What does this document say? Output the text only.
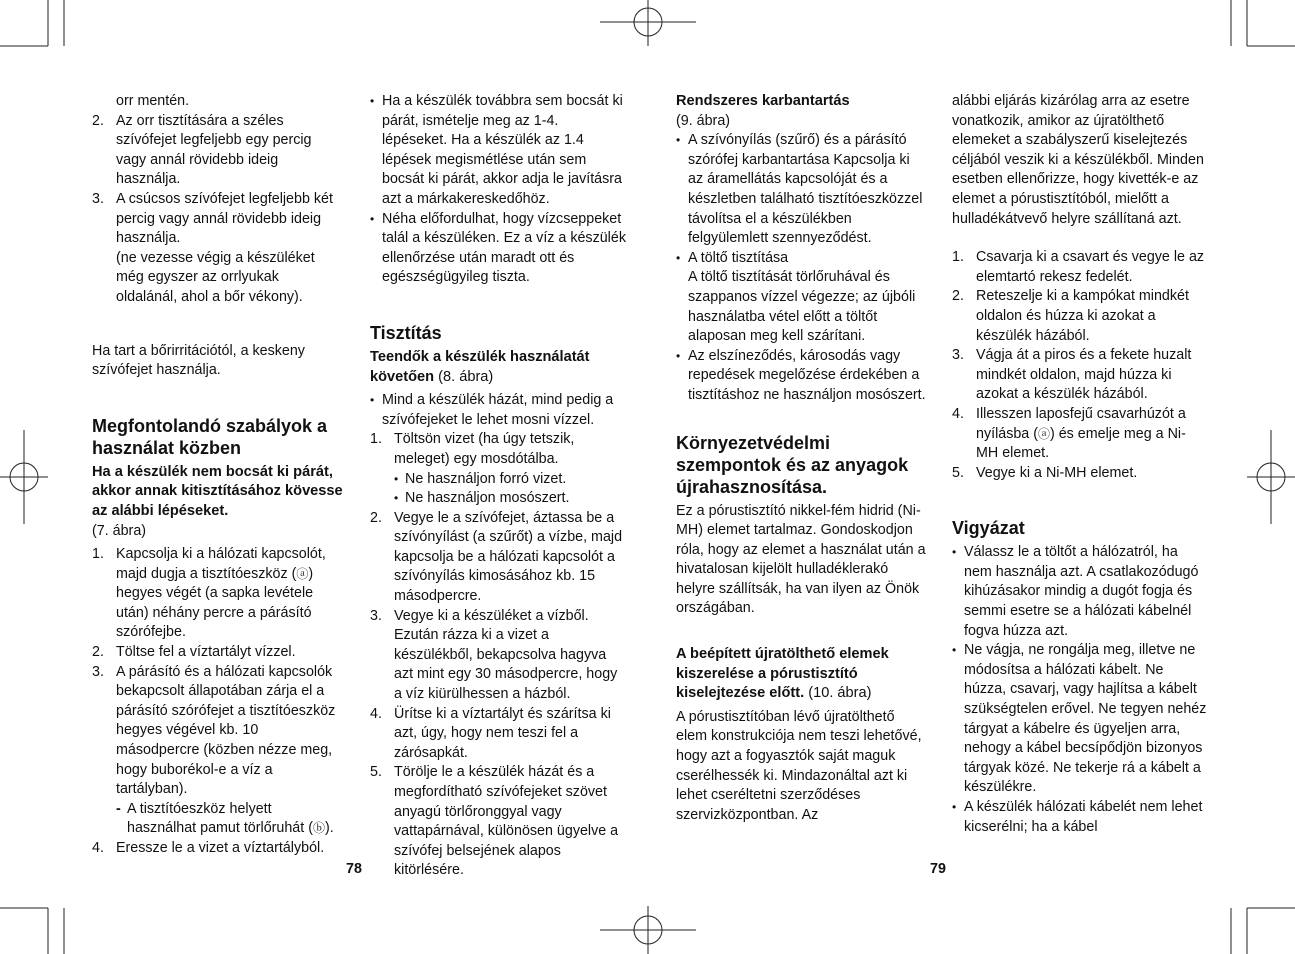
orr mentén.

2. Az orr tisztítására a széles szívófejet legfeljebb egy percig vagy annál rövidebb ideig használja.
3. A csúcsos szívófejet legfeljebb két percig vagy annál rövidebb ideig használja.
(ne vezesse végig a készüléket még egyszer az orrlyukak oldalánál, ahol a bőr vékony).

Ha tart a bőrirritációtól, a keskeny szívófejet használja.

Megfontolandó szabályok a használat közben
Ha a készülék nem bocsát ki párát, akkor annak kitisztításához kövesse az alábbi lépéseket.

(7. ábra)

1. Kapcsolja ki a hálózati kapcsolót, majd dugja a tisztítóeszköz (ⓐ) hegyes végét (a sapka levétele után) néhány percre a párásító szórófejbe.
2. Töltse fel a víztartályt vízzel.
3. A párásító és a hálózati kapcsolók bekapcsolt állapotában zárja el a párásító szórófejet a tisztítóeszköz hegyes végével kb. 10 másodpercre (közben nézze meg, hogy buborékol-e a víz a tartályban).
- A tisztítóeszköz helyett használhat pamut törlőruhát (ⓑ).
4. Eressze le a vizet a víztartályból.
• Ha a készülék továbbra sem bocsát ki párát, ismételje meg az 1-4. lépéseket. Ha a készülék az 1.4 lépések megismétlése után sem bocsát ki párát, akkor adja le javításra azt a márkakereskedőhöz.
• Néha előfordulhat, hogy vízcseppeket talál a készüléken. Ez a víz a készülék ellenőrzése után maradt ott és egészségügyileg tiszta.
Tisztítás
Teendők a készülék használatát követően (8. ábra)
• Mind a készülék házát, mind pedig a szívófejeket le lehet mosni vízzel.
1. Töltsön vizet (ha úgy tetszik, meleget) egy mosdótálba.
• Ne használjon forró vizet.
• Ne használjon mosószert.
2. Vegye le a szívófejet, áztassa be a szívónyílást (a szűrőt) a vízbe, majd kapcsolja be a hálózati kapcsolót a szívónyílás kimosásához kb. 15 másodpercre.
3. Vegye ki a készüléket a vízből. Ezután rázza ki a vizet a készülékből, bekapcsolva hagyva azt mint egy 30 másodpercre, hogy a víz kiürülhessen a házból.
4. Ürítse ki a víztartályt és szárítsa ki azt, úgy, hogy nem teszi fel a zárósapkát.
5. Törölje le a készülék házát és a megfordítható szívófejeket szövet anyagú törlőronggyal vagy vattapárnával, különösen ügyelve a szívófej belsejének alapos kitörlésére.
Rendszeres karbantartás

(9. ábra)

• A szívónyílás (szűrő) és a párásító szórófej karbantartása Kapcsolja ki az áramellátás kapcsolóját és a készletben található tisztítóeszközzel távolítsa el a készülékben felgyülemlett szennyeződést.
• A töltő tisztítása
A töltő tisztítását törlőruhával és szappanos vízzel végezze; az újbóli használatba vétel előtt a töltőt alaposan meg kell szárítani.
• Az elszíneződés, károsodás vagy repedések megelőzése érdekében a tisztításhoz ne használjon mosószert.
Környezetvédelmi szempontok és az anyagok újrahasznosítása.

Ez a pórustisztító nikkel-fém hidrid (Ni-MH) elemet tartalmaz. Gondoskodjon róla, hogy az elemet a használat után a hivatalosan kijelölt hulladéklerakó helyre szállítsák, ha van ilyen az Önök országában.

A beépített újratölthető elemek kiszerelése a pórustisztító kiselejtezése előtt. (10. ábra)

A pórustisztítóban lévő újratölthető elem konstrukciója nem teszi lehetővé, hogy azt a fogyasztók saját maguk cserélhessék ki. Mindazonáltal azt ki lehet cseréltetni szerződéses szervizközpontban. Az

alábbi eljárás kizárólag arra az esetre vonatkozik, amikor az újratölthető elemeket a szabályszerű kiselejtezés céljából veszik ki a készülékből. Minden esetben ellenőrizze, hogy kivették-e az elemet a pórustisztítóból, mielőtt a hulladékátvevő helyre szállítaná azt.

1. Csavarja ki a csavart és vegye le az elemtartó rekesz fedelét.
2. Reteszelje ki a kampókat mindkét oldalon és húzza ki azokat a készülék házából.
3. Vágja át a piros és a fekete huzalt mindkét oldalon, majd húzza ki azokat a készülék házából.
4. Illesszen laposfejű csavarhúzót a nyílásba (ⓐ) és emelje meg a Ni-MH elemet.
5. Vegye ki a Ni-MH elemet.
Vigyázat
• Válassz le a töltőt a hálózatról, ha nem használja azt. A csatlakozódugó kihúzásakor mindig a dugót fogja és semmi esetre se a hálózati kábelnél fogva húzza azt.
• Ne vágja, ne rongálja meg, illetve ne módosítsa a hálózati kábelt. Ne húzza, csavarj, vagy hajlítsa a kábelt szükségtelen erővel. Ne tegyen nehéz tárgyat a kábelre és ügyeljen arra, nehogy a kábel becsípődjön bizonyos tárgyak közé. Ne tekerje rá a kábelt a készülékre.
• A készülék hálózati kábelét nem lehet kicserélni; ha a kábel
78	79
